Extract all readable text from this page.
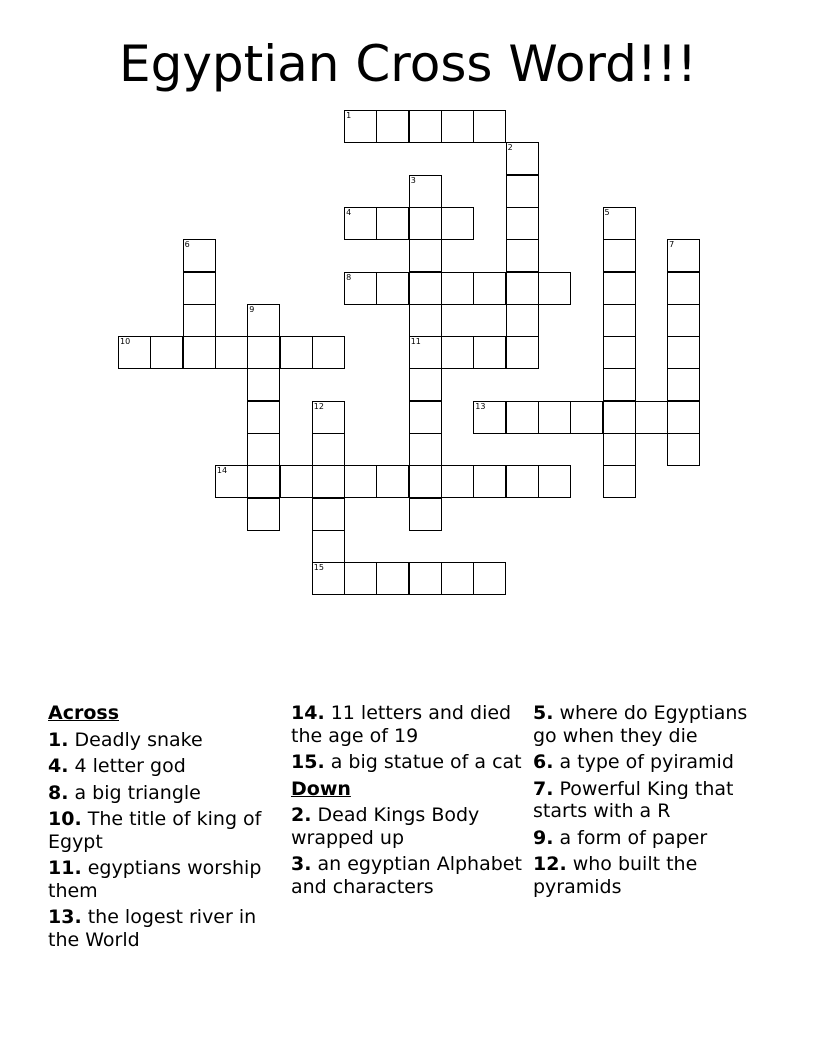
Egyptian Cross Word!!!
1
2
3
11
4	5
6	7
8
9
10
12	13
14
15

Across

1. Deadly snake

4. 4 letter god

8. a big triangle

10. The title of king of Egypt

11. egyptians worship them

13. the logest river in the World

14. 11 letters and died the age of 19

15. a big statue of a cat

Down

2. Dead Kings Body wrapped up

3. an egyptian Alphabet and characters

5. where do Egyptians go when they die

6. a type of pyiramid

7. Powerful King that starts with a R

9. a form of paper

12. who built the pyramids
